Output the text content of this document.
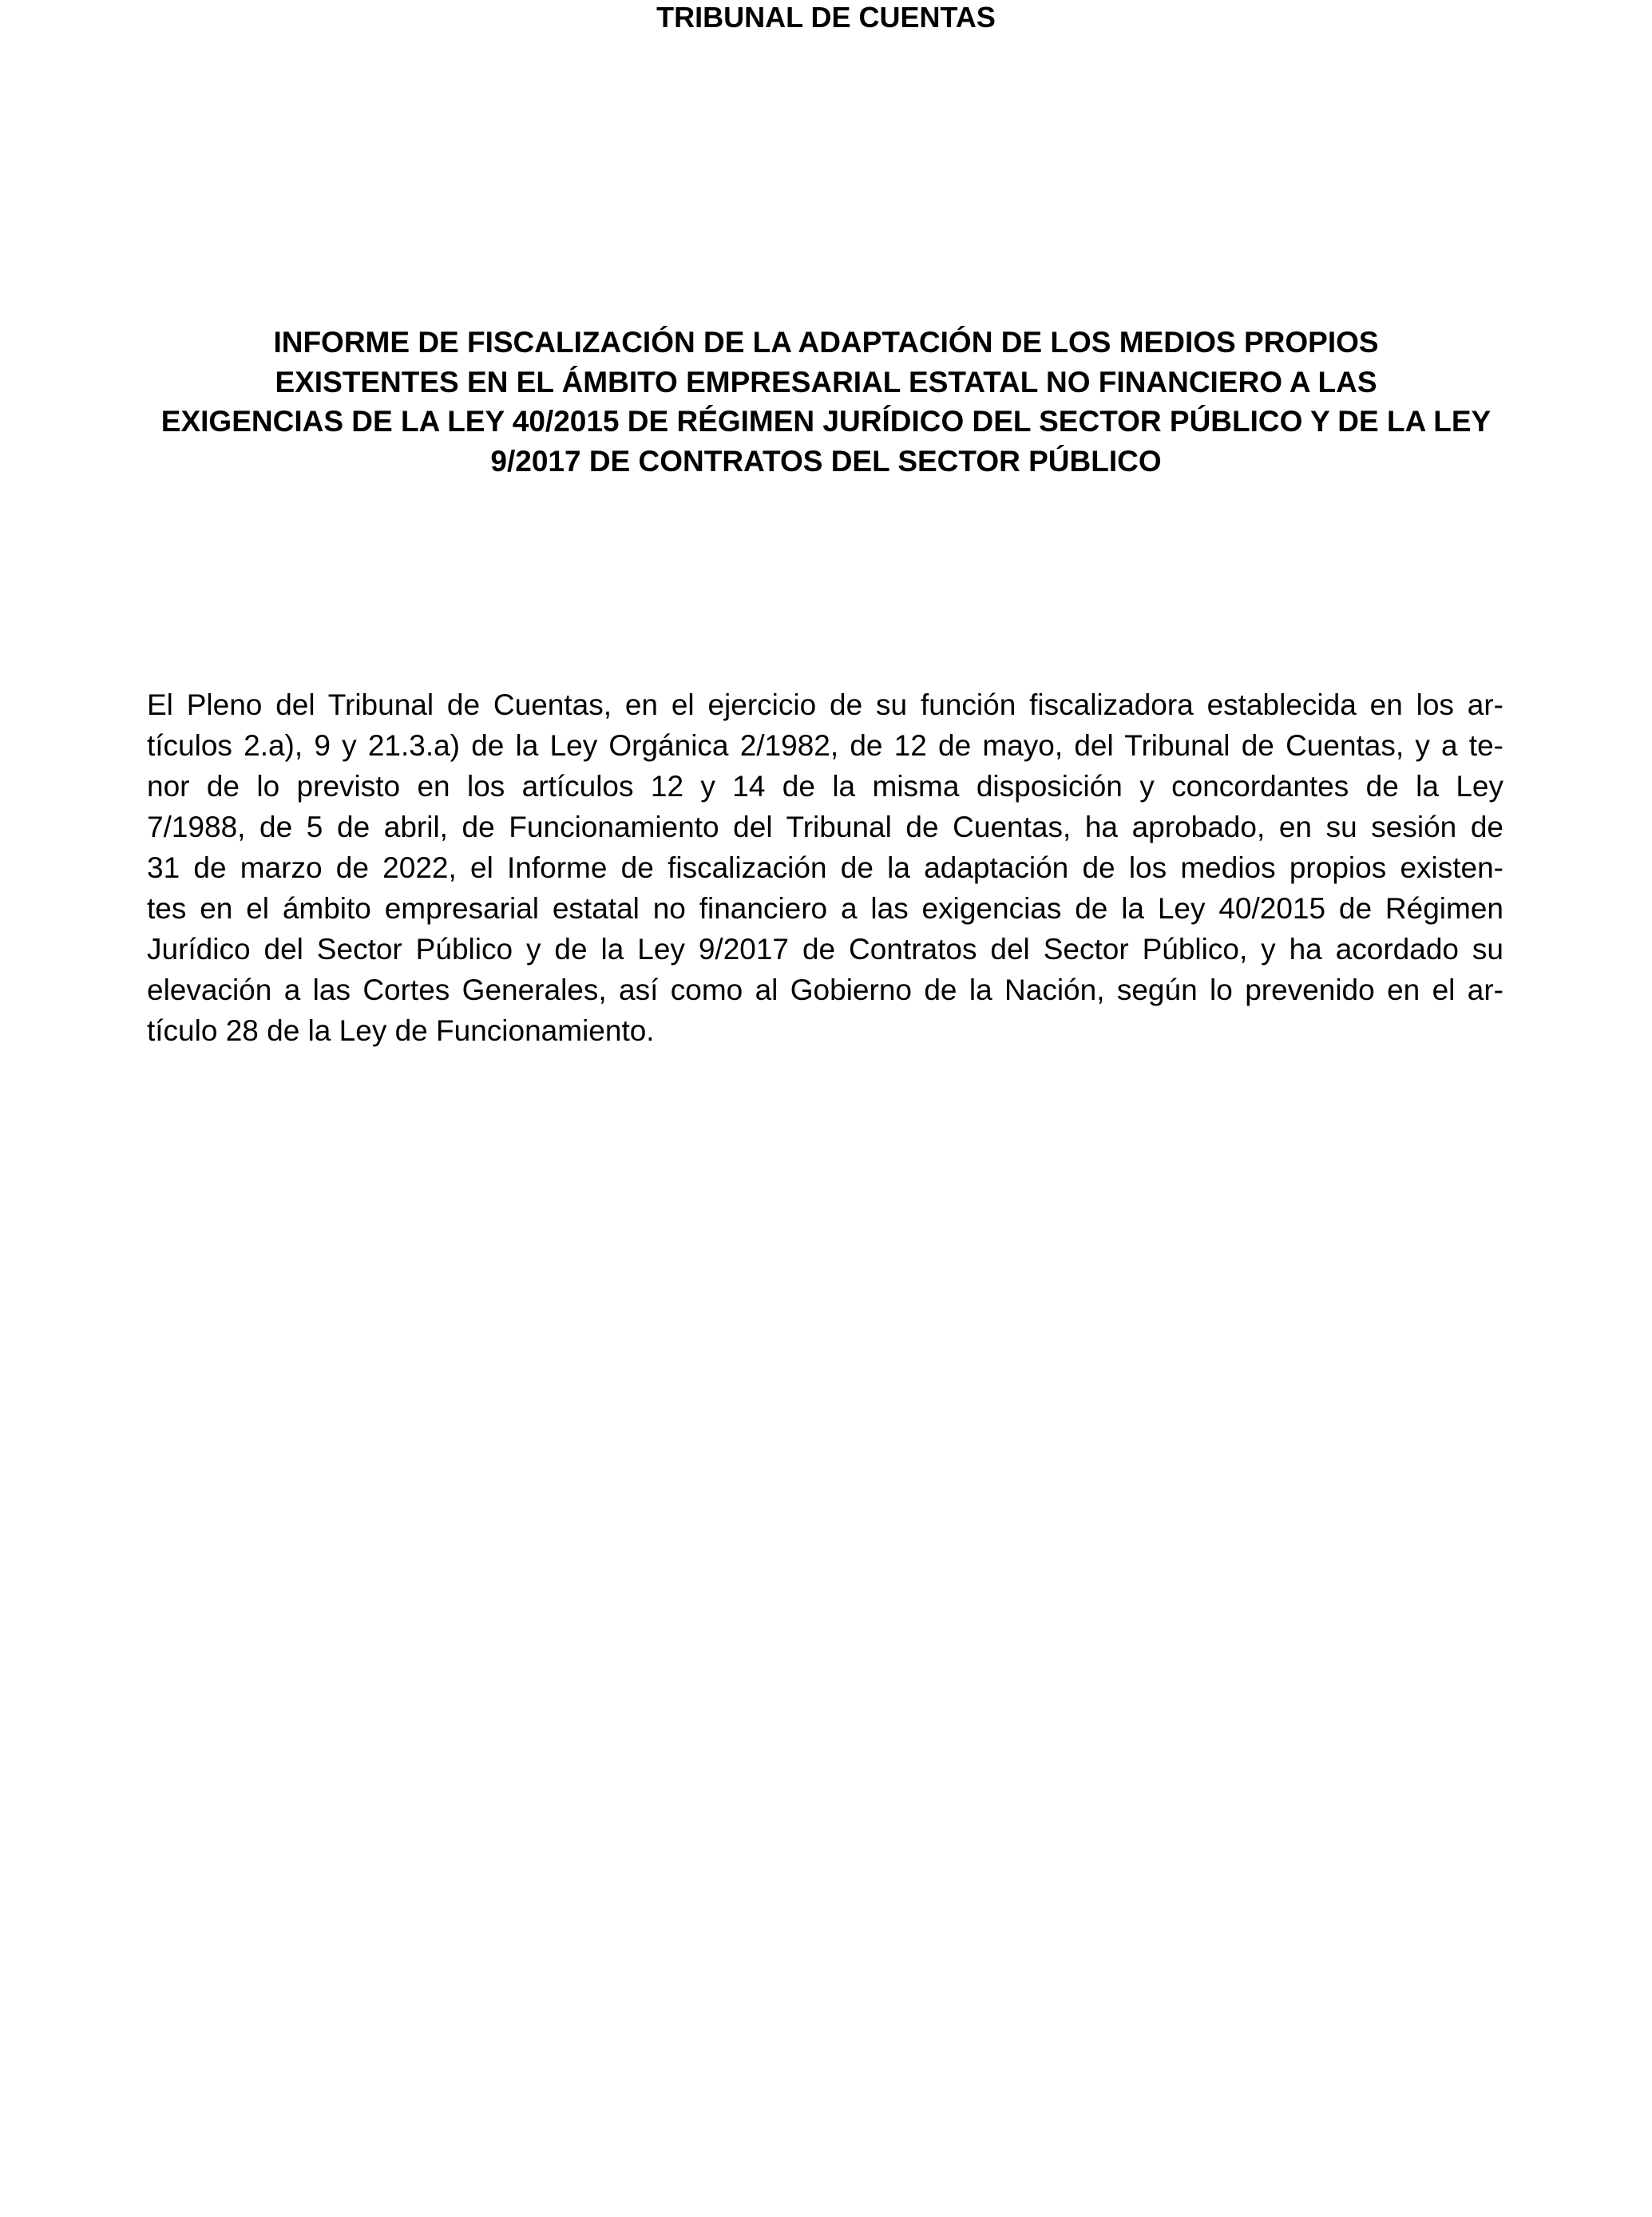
TRIBUNAL DE CUENTAS
INFORME DE FISCALIZACIÓN DE LA ADAPTACIÓN DE LOS MEDIOS PROPIOS
EXISTENTES EN EL ÁMBITO EMPRESARIAL ESTATAL NO FINANCIERO A LAS
EXIGENCIAS DE LA LEY 40/2015 DE RÉGIMEN JURÍDICO DEL SECTOR PÚBLICO Y DE LA LEY
9/2017 DE CONTRATOS DEL SECTOR PÚBLICO
El Pleno del Tribunal de Cuentas, en el ejercicio de su función fiscalizadora establecida en los ar-
tículos 2.a), 9 y 21.3.a) de la Ley Orgánica 2/1982, de 12 de mayo, del Tribunal de Cuentas, y a te-
nor de lo previsto en los artículos 12 y 14 de la misma disposición y concordantes de la Ley
7/1988, de 5 de abril, de Funcionamiento del Tribunal de Cuentas, ha aprobado, en su sesión de
31 de marzo de 2022, el Informe de fiscalización de la adaptación de los medios propios existen-
tes en el ámbito empresarial estatal no financiero a las exigencias de la Ley 40/2015 de Régimen
Jurídico del Sector Público y de la Ley 9/2017 de Contratos del Sector Público, y ha acordado su
elevación a las Cortes Generales, así como al Gobierno de la Nación, según lo prevenido en el ar-
tículo 28 de la Ley de Funcionamiento.
